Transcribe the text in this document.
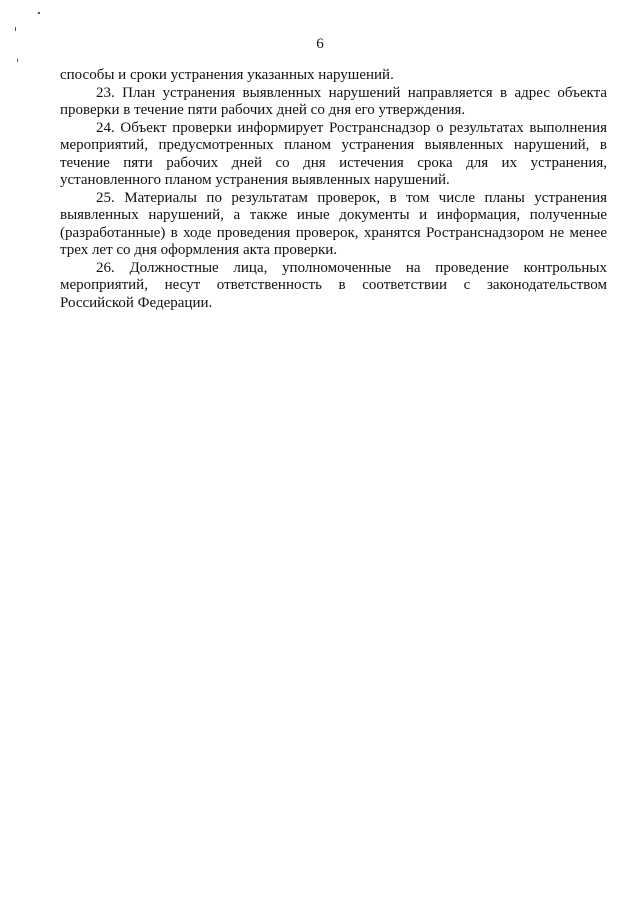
6

способы и сроки устранения указанных нарушений.

23. План устранения выявленных нарушений направляется в адрес объекта проверки в течение пяти рабочих дней со дня его утверждения.

24. Объект проверки информирует Ространснадзор о результатах выполнения мероприятий, предусмотренных планом устранения выявленных нарушений, в течение пяти рабочих дней со дня истечения срока для их устранения, установленного планом устранения выявленных нарушений.

25. Материалы по результатам проверок, в том числе планы устранения выявленных нарушений, а также иные документы и информация, полученные (разработанные) в ходе проведения проверок, хранятся Ространснадзором не менее трех лет со дня оформления акта проверки.

26. Должностные лица, уполномоченные на проведение контрольных мероприятий, несут ответственность в соответствии с законодательством Российской Федерации.
